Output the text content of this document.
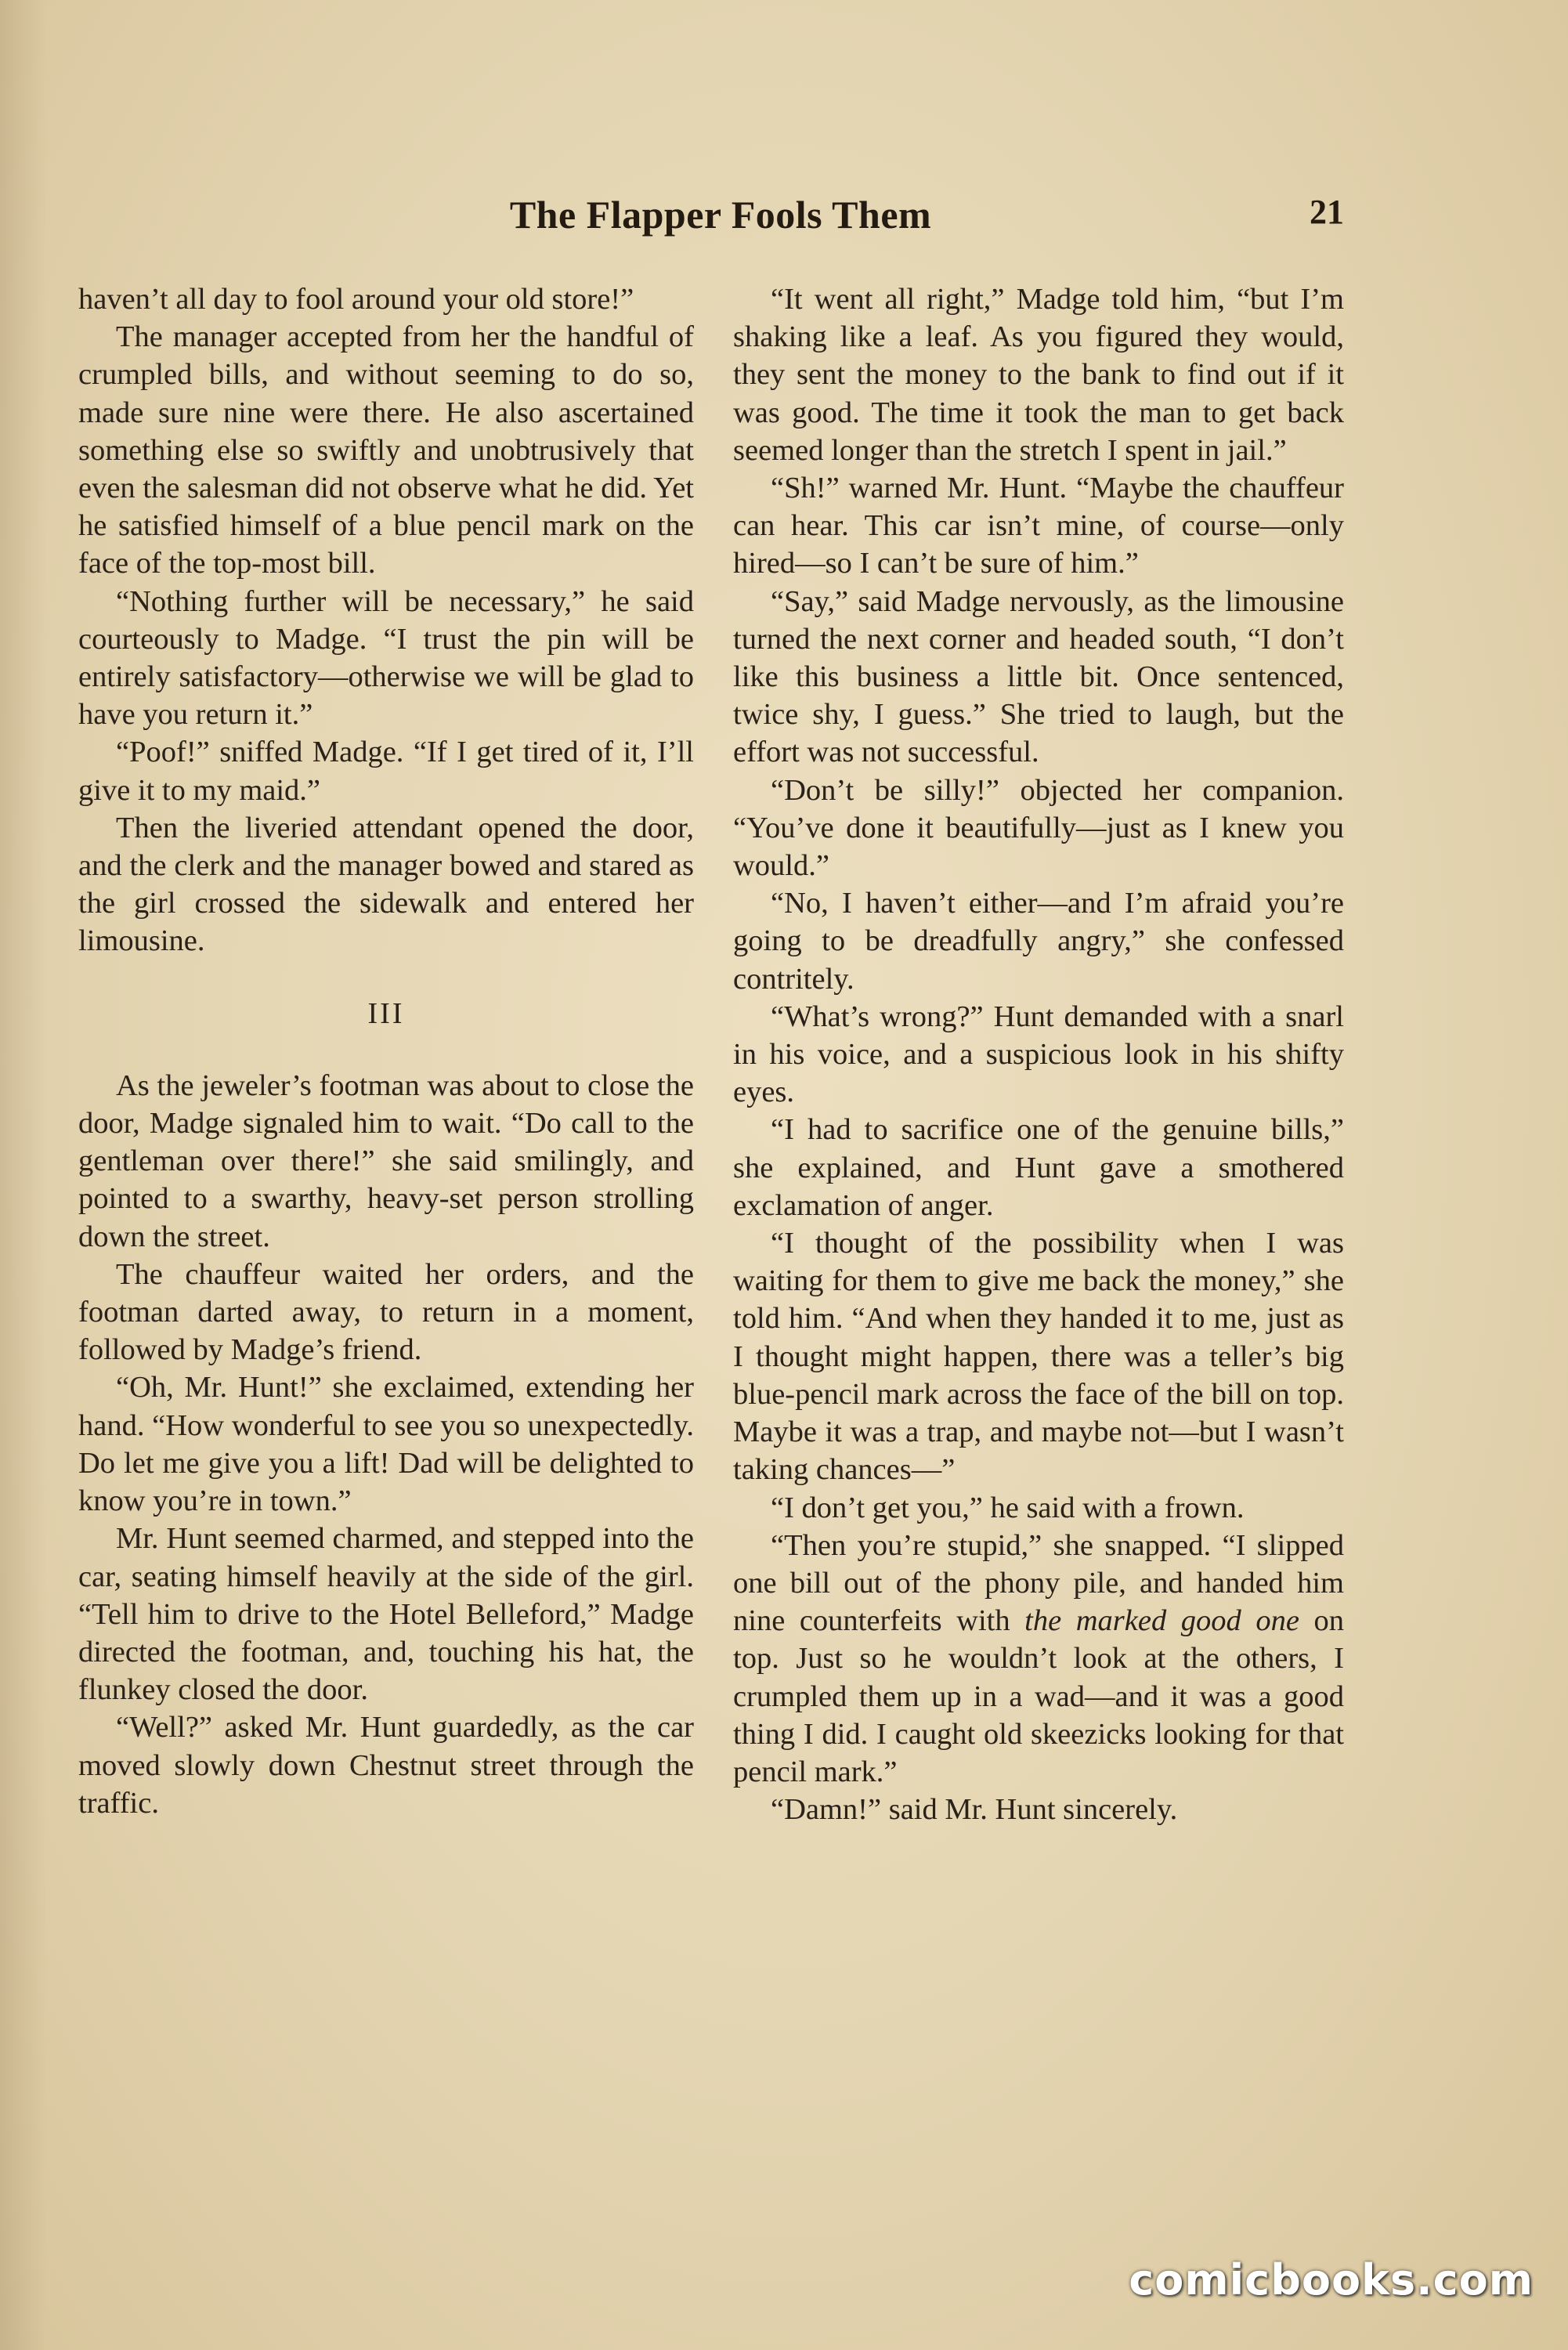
The Flapper Fools Them	21

haven’t all day to fool around your old store!”

The manager accepted from her the handful of crumpled bills, and without seeming to do so, made sure nine were there. He also ascertained something else so swiftly and unobtrusively that even the salesman did not observe what he did. Yet he satisfied himself of a blue pencil mark on the face of the top-most bill.

“Nothing further will be necessary,” he said courteously to Madge. “I trust the pin will be entirely satisfactory—otherwise we will be glad to have you return it.”

“Poof!” sniffed Madge. “If I get tired of it, I’ll give it to my maid.”

Then the liveried attendant opened the door, and the clerk and the manager bowed and stared as the girl crossed the sidewalk and entered her limousine.

III

As the jeweler’s footman was about to close the door, Madge signaled him to wait. “Do call to the gentleman over there!” she said smilingly, and pointed to a swarthy, heavy-set person strolling down the street.

The chauffeur waited her orders, and the footman darted away, to return in a moment, followed by Madge’s friend.

“Oh, Mr. Hunt!” she exclaimed, extending her hand. “How wonderful to see you so unexpectedly. Do let me give you a lift! Dad will be delighted to know you’re in town.”

Mr. Hunt seemed charmed, and stepped into the car, seating himself heavily at the side of the girl. “Tell him to drive to the Hotel Belleford,” Madge directed the footman, and, touching his hat, the flunkey closed the door.

“Well?” asked Mr. Hunt guardedly, as the car moved slowly down Chestnut street through the traffic.

“It went all right,” Madge told him, “but I’m shaking like a leaf. As you figured they would, they sent the money to the bank to find out if it was good. The time it took the man to get back seemed longer than the stretch I spent in jail.”

“Sh!” warned Mr. Hunt. “Maybe the chauffeur can hear. This car isn’t mine, of course—only hired—so I can’t be sure of him.”

“Say,” said Madge nervously, as the limousine turned the next corner and headed south, “I don’t like this business a little bit. Once sentenced, twice shy, I guess.” She tried to laugh, but the effort was not successful.

“Don’t be silly!” objected her companion. “You’ve done it beautifully—just as I knew you would.”

“No, I haven’t either—and I’m afraid you’re going to be dreadfully angry,” she confessed contritely.

“What’s wrong?” Hunt demanded with a snarl in his voice, and a suspicious look in his shifty eyes.

“I had to sacrifice one of the genuine bills,” she explained, and Hunt gave a smothered exclamation of anger.

“I thought of the possibility when I was waiting for them to give me back the money,” she told him. “And when they handed it to me, just as I thought might happen, there was a teller’s big blue-pencil mark across the face of the bill on top. Maybe it was a trap, and maybe not—but I wasn’t taking chances—”

“I don’t get you,” he said with a frown.

“Then you’re stupid,” she snapped. “I slipped one bill out of the phony pile, and handed him nine counterfeits with the marked good one on top. Just so he wouldn’t look at the others, I crumpled them up in a wad—and it was a good thing I did. I caught old skeezicks looking for that pencil mark.”

“Damn!” said Mr. Hunt sincerely.

comicbooks.com
